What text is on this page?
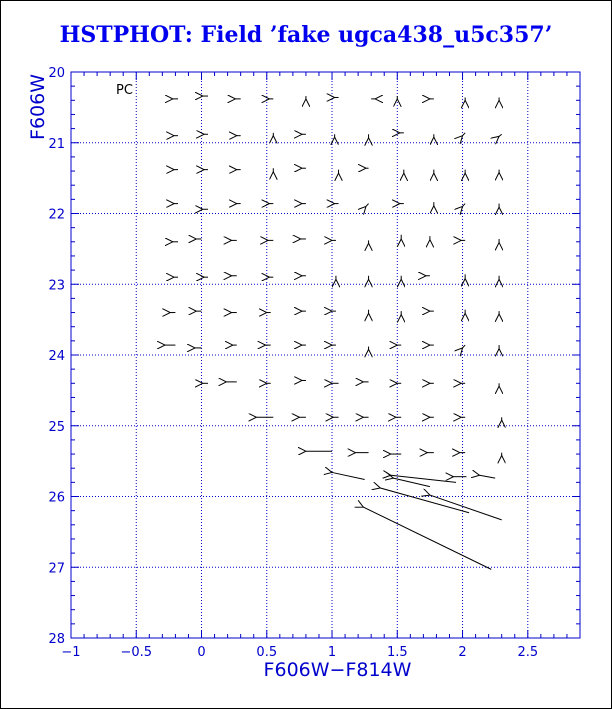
HSTPHOT: Field ’fake ugca438_u5c357’
−1	−0.5	0	0.5	1	1.5	2	2.5
20
21
22
23
24
25
26
27
28
F606W−F814W
F606W	PC
